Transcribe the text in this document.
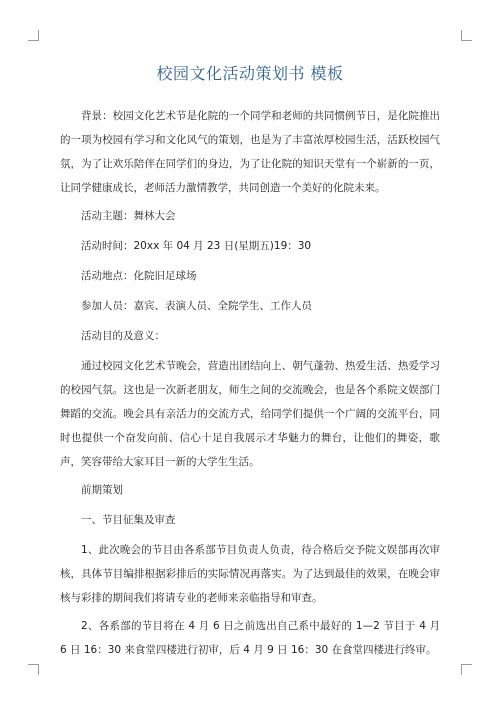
校园文化活动策划书 模板

背景：校园文化艺术节是化院的一个同学和老师的共同惯例节日，是化院推出的一项为校园有学习和文化风气的策划，也是为了丰富浓厚校园生活，活跃校园气氛，为了让欢乐陪伴在同学们的身边，为了让化院的知识天堂有一个崭新的一页，让同学健康成长，老师活力激情教学，共同创造一个美好的化院未来。

活动主题：舞林大会
活动时间：20xx 年 04 月 23 日(星期五)19：30
活动地点：化院旧足球场
参加人员：嘉宾、表演人员、全院学生、工作人员
活动目的及意义：

通过校园文化艺术节晚会，营造出团结向上、朝气蓬勃、热爱生活、热爱学习的校园气氛。这也是一次新老朋友，师生之间的交流晚会，也是各个系院文娱部门舞蹈的交流。晚会具有亲活力的交流方式，给同学们提供一个广阔的交流平台，同时也提供一个奋发向前、信心十足自我展示才华魅力的舞台，让他们的舞姿，歌声，笑容带给大家耳目一新的大学生生活。

前期策划
一、节目征集及审查

1、此次晚会的节目由各系部节目负责人负责，待合格后交予院文娱部再次审核，具体节目编排根据彩排后的实际情况再落实。为了达到最佳的效果，在晚会审核与彩排的期间我们将请专业的老师来亲临指导和审查。

2、各系部的节目将在 4 月 6 日之前选出自己系中最好的 1—2 节目于 4 月 6 日 16：30 来食堂四楼进行初审，后 4 月 9 日 16：30 在食堂四楼进行终审。
